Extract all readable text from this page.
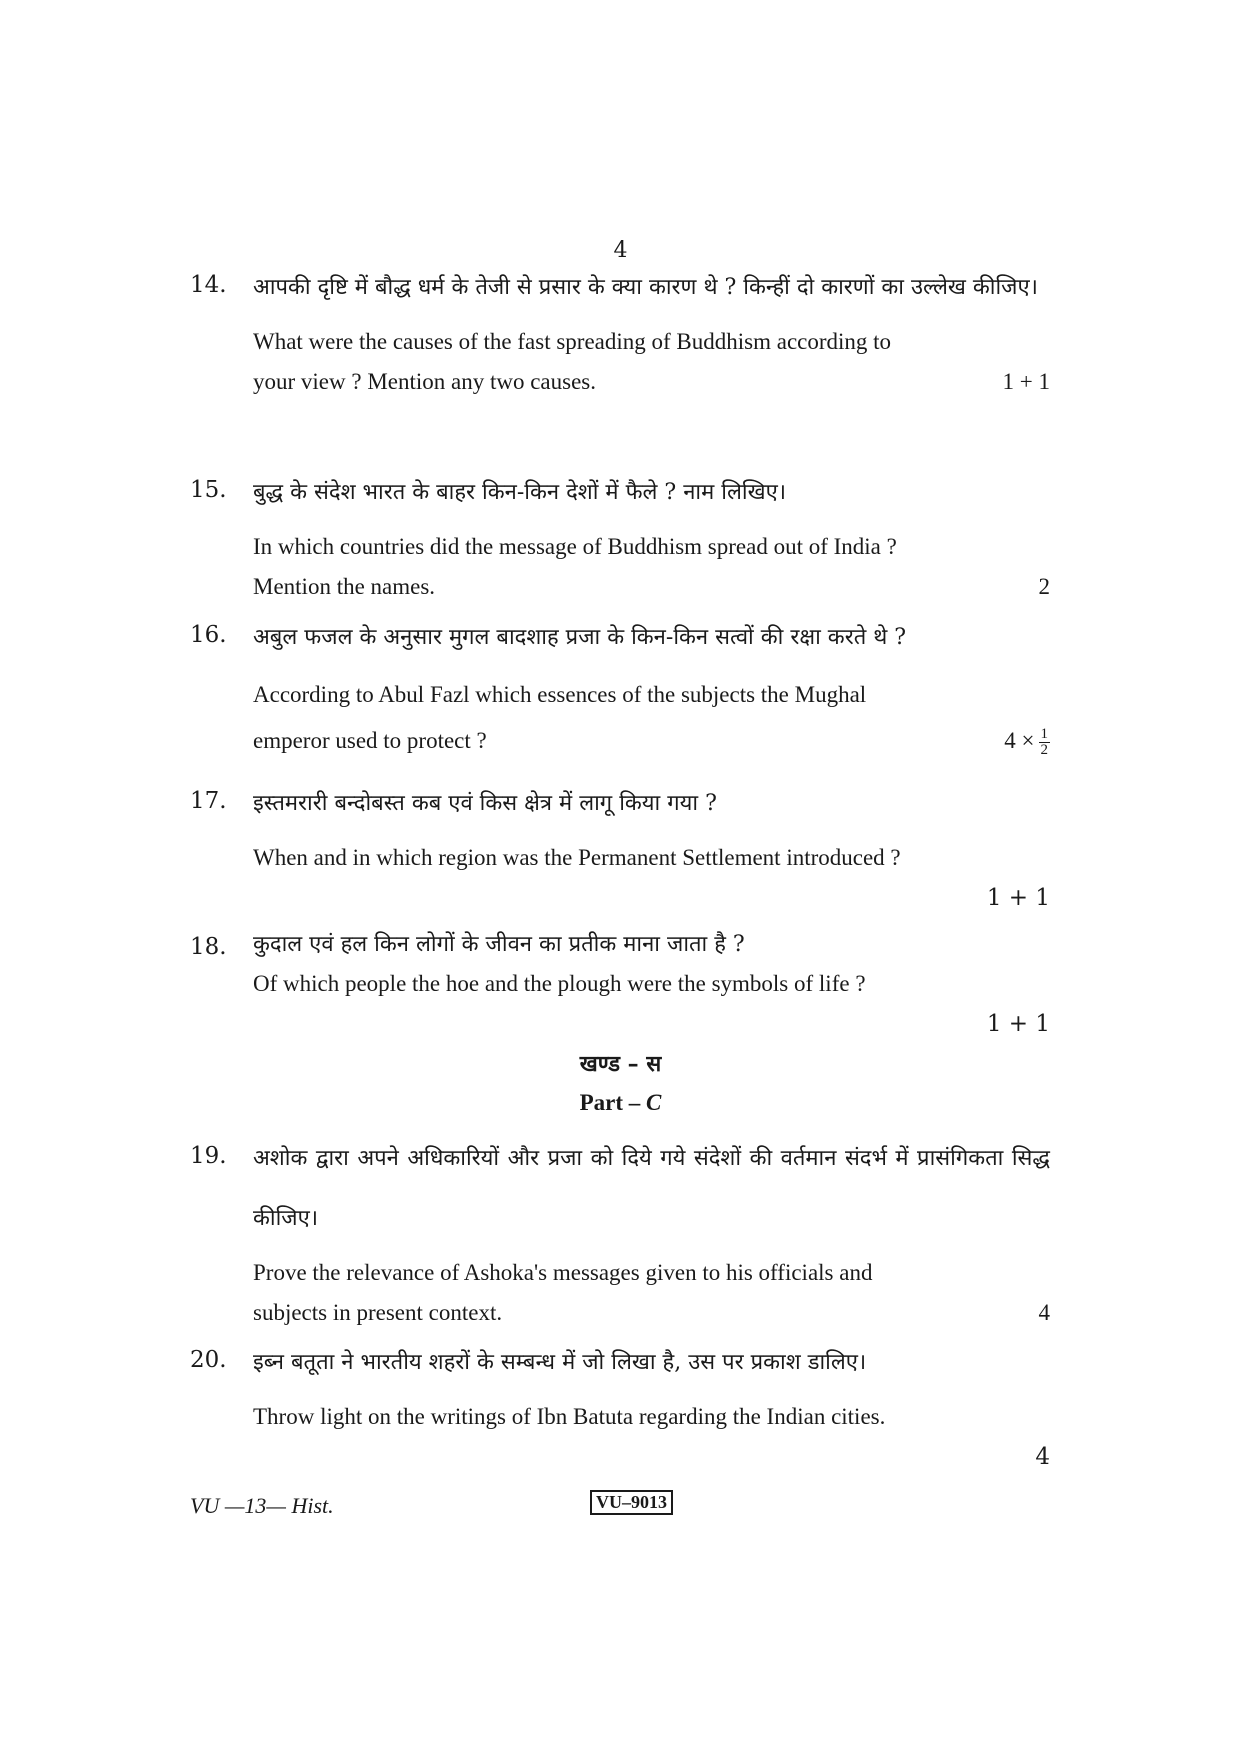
4
14. आपकी दृष्टि में बौद्ध धर्म के तेजी से प्रसार के क्या कारण थे ? किन्हीं दो कारणों का उल्लेख कीजिए।
What were the causes of the fast spreading of Buddhism according to
your view ? Mention any two causes.	1 + 1
15. बुद्ध के संदेश भारत के बाहर किन-किन देशों में फैले ? नाम लिखिए।
In which countries did the message of Buddhism spread out of India ?
Mention the names.	2
16. अबुल फजल के अनुसार मुगल बादशाह प्रजा के किन-किन सत्वों की रक्षा करते थे ?
According to Abul Fazl which essences of the subjects the Mughal
emperor used to protect ?	$4 \times \frac{1}{2}$
17. इस्तमरारी बन्दोबस्त कब एवं किस क्षेत्र में लागू किया गया ?
When and in which region was the Permanent Settlement introduced ?
1 + 1
18. कुदाल एवं हल किन लोगों के जीवन का प्रतीक माना जाता है ?
Of which people the hoe and the plough were the symbols of life ?
1 + 1
खण्ड – स
Part – C
19. अशोक द्वारा अपने अधिकारियों और प्रजा को दिये गये संदेशों की वर्तमान संदर्भ में प्रासंगिकता सिद्ध कीजिए।
Prove the relevance of Ashoka's messages given to his officials and
subjects in present context.	4
20. इब्न बतूता ने भारतीय शहरों के सम्बन्ध में जो लिखा है, उस पर प्रकाश डालिए।
Throw light on the writings of Ibn Batuta regarding the Indian cities.
4
VU —13— Hist.	VU–9013
